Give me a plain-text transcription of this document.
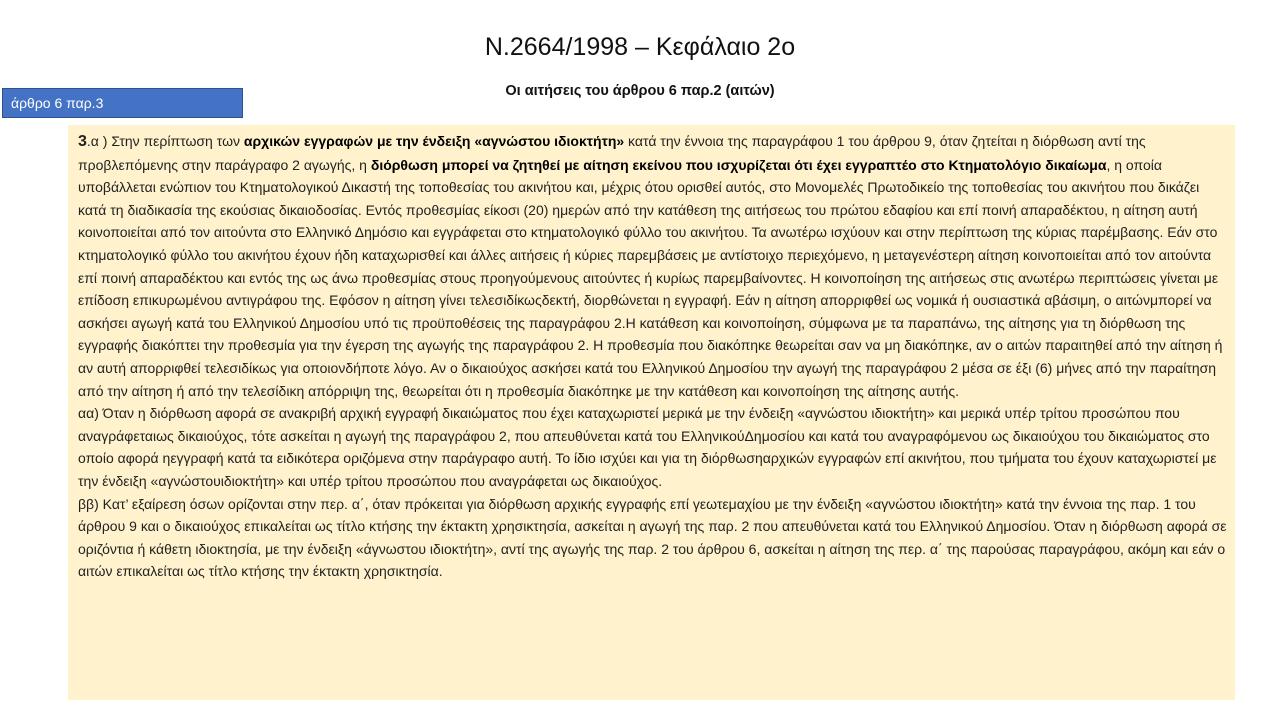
Ν.2664/1998 – Κεφάλαιο 2ο
Οι αιτήσεις του άρθρου 6 παρ.2 (αιτών)
άρθρο 6 παρ.3

3.α ) Στην περίπτωση των αρχικών εγγραφών με την ένδειξη «αγνώστου ιδιοκτήτη» κατά την έννοια της παραγράφου 1 του άρθρου 9, όταν ζητείται η διόρθωση αντί της προβλεπόμενης στην παράγραφο 2 αγωγής, η διόρθωση μπορεί να ζητηθεί με αίτηση εκείνου που ισχυρίζεται ότι έχει εγγραπτέο στο Κτηματολόγιο δικαίωμα, η οποία υποβάλλεται ενώπιον του Κτηματολογικού Δικαστή της τοποθεσίας του ακινήτου και, μέχρις ότου ορισθεί αυτός, στο Μονομελές Πρωτοδικείο της τοποθεσίας του ακινήτου που δικάζει κατά τη διαδικασία της εκούσιας δικαιοδοσίας. Εντός προθεσμίας είκοσι (20) ημερών από την κατάθεση της αιτήσεως του πρώτου εδαφίου και επί ποινή απαραδέκτου, η αίτηση αυτή κοινοποιείται από τον αιτούντα στο Ελληνικό Δημόσιο και εγγράφεται στο κτηματολογικό φύλλο του ακινήτου. Τα ανωτέρω ισχύουν και στην περίπτωση της κύριας παρέμβασης. Εάν στο κτηματολογικό φύλλο του ακινήτου έχουν ήδη καταχωρισθεί και άλλες αιτήσεις ή κύριες παρεμβάσεις με αντίστοιχο περιεχόμενο, η μεταγενέστερη αίτηση κοινοποιείται από τον αιτούντα επί ποινή απαραδέκτου και εντός της ως άνω προθεσμίας στους προηγούμενους αιτούντες ή κυρίως παρεμβαίνοντες. Η κοινοποίηση της αιτήσεως στις ανωτέρω περιπτώσεις γίνεται με επίδοση επικυρωμένου αντιγράφου της. Εφόσον η αίτηση γίνει τελεσιδίκωςδεκτή, διορθώνεται η εγγραφή. Εάν η αίτηση απορριφθεί ως νομικά ή ουσιαστικά αβάσιμη, ο αιτώνμπορεί να ασκήσει αγωγή κατά του Ελληνικού Δημοσίου υπό τις προϋποθέσεις της παραγράφου 2.Η κατάθεση και κοινοποίηση, σύμφωνα με τα παραπάνω, της αίτησης για τη διόρθωση της εγγραφής διακόπτει την προθεσμία για την έγερση της αγωγής της παραγράφου 2. Η προθεσμία που διακόπηκε θεωρείται σαν να μη διακόπηκε, αν ο αιτών παραιτηθεί από την αίτηση ή αν αυτή απορριφθεί τελεσιδίκως για οποιονδήποτε λόγο. Αν ο δικαιούχος ασκήσει κατά του Ελληνικού Δημοσίου την αγωγή της παραγράφου 2 μέσα σε έξι (6) μήνες από την παραίτηση από την αίτηση ή από την τελεσίδικη απόρριψη της, θεωρείται ότι η προθεσμία διακόπηκε με την κατάθεση και κοινοποίηση της αίτησης αυτής.

αα) Όταν η διόρθωση αφορά σε ανακριβή αρχική εγγραφή δικαιώματος που έχει καταχωριστεί μερικά με την ένδειξη «αγνώστου ιδιοκτήτη» και μερικά υπέρ τρίτου προσώπου που αναγράφεταιως δικαιούχος, τότε ασκείται η αγωγή της παραγράφου 2, που απευθύνεται κατά του ΕλληνικούΔημοσίου και κατά του αναγραφόμενου ως δικαιούχου του δικαιώματος στο οποίο αφορά ηεγγραφή κατά τα ειδικότερα οριζόμενα στην παράγραφο αυτή. Το ίδιο ισχύει και για τη διόρθωσηαρχικών εγγραφών επί ακινήτου, που τμήματα του έχουν καταχωριστεί με την ένδειξη «αγνώστουιδιοκτήτη» και υπέρ τρίτου προσώπου που αναγράφεται ως δικαιούχος.

ββ) Κατ’ εξαίρεση όσων ορίζονται στην περ. α΄, όταν πρόκειται για διόρθωση αρχικής εγγραφής επί γεωτεμαχίου με την ένδειξη «αγνώστου ιδιοκτήτη» κατά την έννοια της παρ. 1 του άρθρου 9 και ο δικαιούχος επικαλείται ως τίτλο κτήσης την έκτακτη χρησικτησία, ασκείται η αγωγή της παρ. 2 που απευθύνεται κατά του Ελληνικού Δημοσίου. Όταν η διόρθωση αφορά σε οριζόντια ή κάθετη ιδιοκτησία, με την ένδειξη «άγνωστου ιδιοκτήτη», αντί της αγωγής της παρ. 2 του άρθρου 6, ασκείται η αίτηση της περ. α΄ της παρούσας παραγράφου, ακόμη και εάν ο αιτών επικαλείται ως τίτλο κτήσης την έκτακτη χρησικτησία.
